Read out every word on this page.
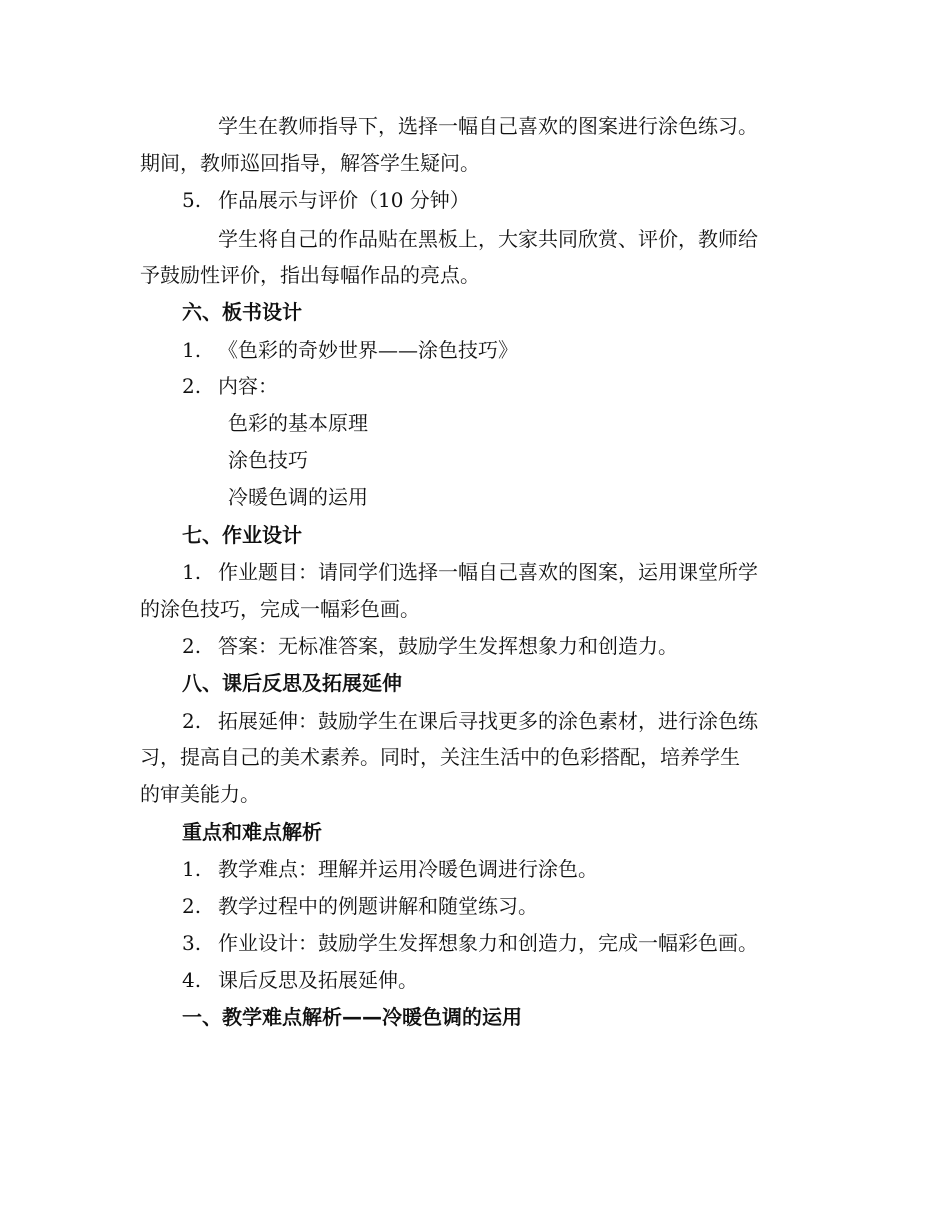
学生在教师指导下，选择一幅自己喜欢的图案进行涂色练习。
期间，教师巡回指导，解答学生疑问。
5. 作品展示与评价（10 分钟）
学生将自己的作品贴在黑板上，大家共同欣赏、评价，教师给
予鼓励性评价，指出每幅作品的亮点。
六、板书设计
1. 《色彩的奇妙世界——涂色技巧》
2. 内容：
色彩的基本原理
涂色技巧
冷暖色调的运用
七、作业设计
1. 作业题目：请同学们选择一幅自己喜欢的图案，运用课堂所学
的涂色技巧，完成一幅彩色画。
2. 答案：无标准答案，鼓励学生发挥想象力和创造力。
八、课后反思及拓展延伸
2. 拓展延伸：鼓励学生在课后寻找更多的涂色素材，进行涂色练
习，提高自己的美术素养。同时，关注生活中的色彩搭配，培养学生
的审美能力。
重点和难点解析
1. 教学难点：理解并运用冷暖色调进行涂色。
2. 教学过程中的例题讲解和随堂练习。
3. 作业设计：鼓励学生发挥想象力和创造力，完成一幅彩色画。
4. 课后反思及拓展延伸。
一、教学难点解析——冷暖色调的运用
